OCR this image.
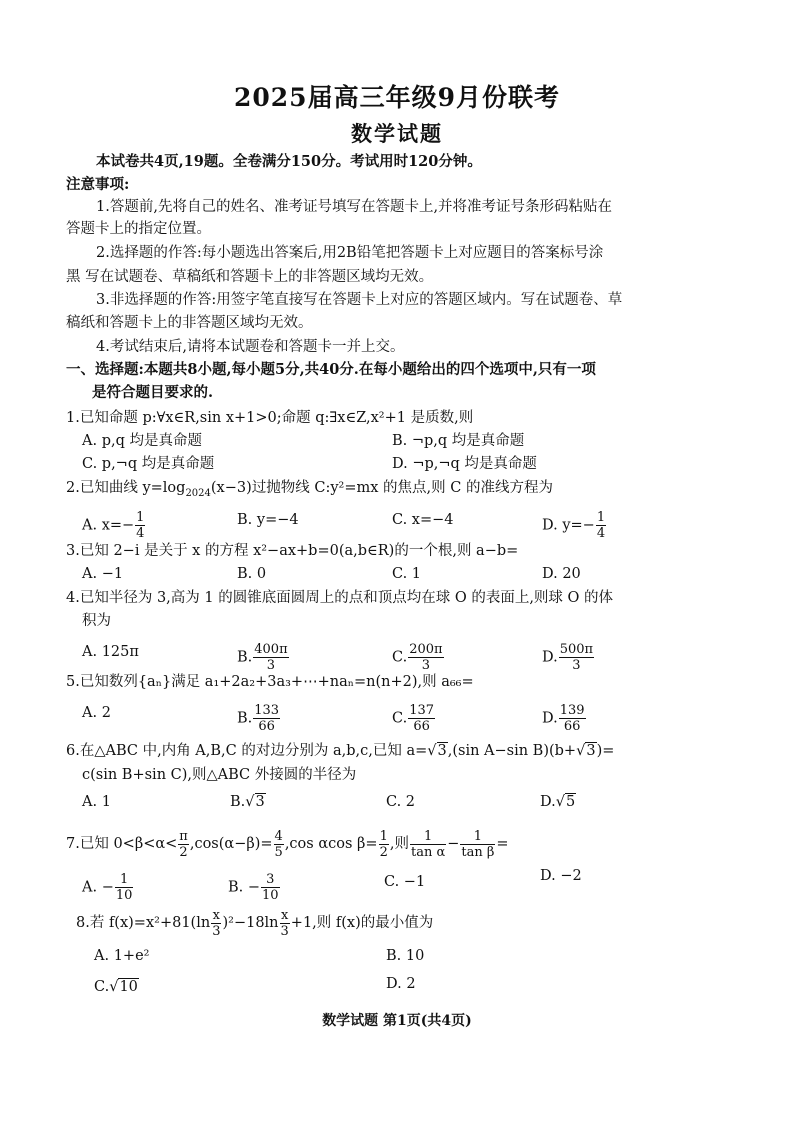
2025届高三年级9月份联考
数学试题
本试卷共4页,19题。全卷满分150分。考试用时120分钟。
注意事项:
1.答题前,先将自己的姓名、准考证号填写在答题卡上,并将准考证号条形码粘贴在
答题卡上的指定位置。
2.选择题的作答:每小题选出答案后,用2B铅笔把答题卡上对应题目的答案标号涂
黑 写在试题卷、草稿纸和答题卡上的非答题区域均无效。
3.非选择题的作答:用签字笔直接写在答题卡上对应的答题区域内。写在试题卷、草
稿纸和答题卡上的非答题区域均无效。
4.考试结束后,请将本试题卷和答题卡一并上交。
一、选择题:本题共8小题,每小题5分,共40分.在每小题给出的四个选项中,只有一项
是符合题目要求的.
1.已知命题 p:∀x∈R,sin x+1>0;命题 q:∃x∈Z,x²+1 是质数,则
A. p,q 均是真命题	B. ¬p,q 均是真命题
C. p,¬q 均是真命题	D. ¬p,¬q 均是真命题
2.已知曲线 $y=\log_{2024}(x-3)$过抛物线 C:y²=mx 的焦点,则 C 的准线方程为
A. $x=- \frac{1}{4}$	B. y=−4	C. x=−4	D. $y=- \frac{1}{4}$
3.已知 2−i 是关于 x 的方程 x²−ax+b=0(a,b∈R)的一个根,则 a−b=
A. −1	B. 0	C. 1	D. 20
4.已知半径为 3,高为 1 的圆锥底面圆周上的点和顶点均在球 O 的表面上,则球 O 的体
积为
A. 125π	B. $\frac{400\pi}{3}$	C. $\frac{200\pi}{3}$	D. $\frac{500\pi}{3}$
5.已知数列{aₙ}满足 a₁+2a₂+3a₃+⋯+naₙ=n(n+2),则 a₆₆=
A. 2	B. $\frac{133}{66}$	C. $\frac{137}{66}$	D. $\frac{139}{66}$
6.在△ABC 中,内角 A,B,C 的对边分别为 a,b,c,已知 a=√3,(sin A−sin B)(b+√3)=
c(sin B+sin C),则△ABC 外接圆的半径为
A. 1	B.√3	C. 2	D.√5
7.已知 $0<\beta<\alpha< \frac{\pi}{2} ,\cos(\alpha-\beta)= \frac{4}{5} ,\cos$ αcos $\beta= \frac{1}{2}$ ,则 $\frac{1}{\text{tan α}} - \frac{1}{\text{tan β}}$ =
A. − $\frac{1}{10}$	B. − $\frac{3}{10}$	C. −1	D. −2
8.若 $f(x)=x^2+81(\ln \frac{x}{3} )^2-18\ln \frac{x}{3} +1$,则 f(x)的最小值为
A. 1+e²	B. 10
C.√10	D. 2
数学试题 第1页(共4页)
